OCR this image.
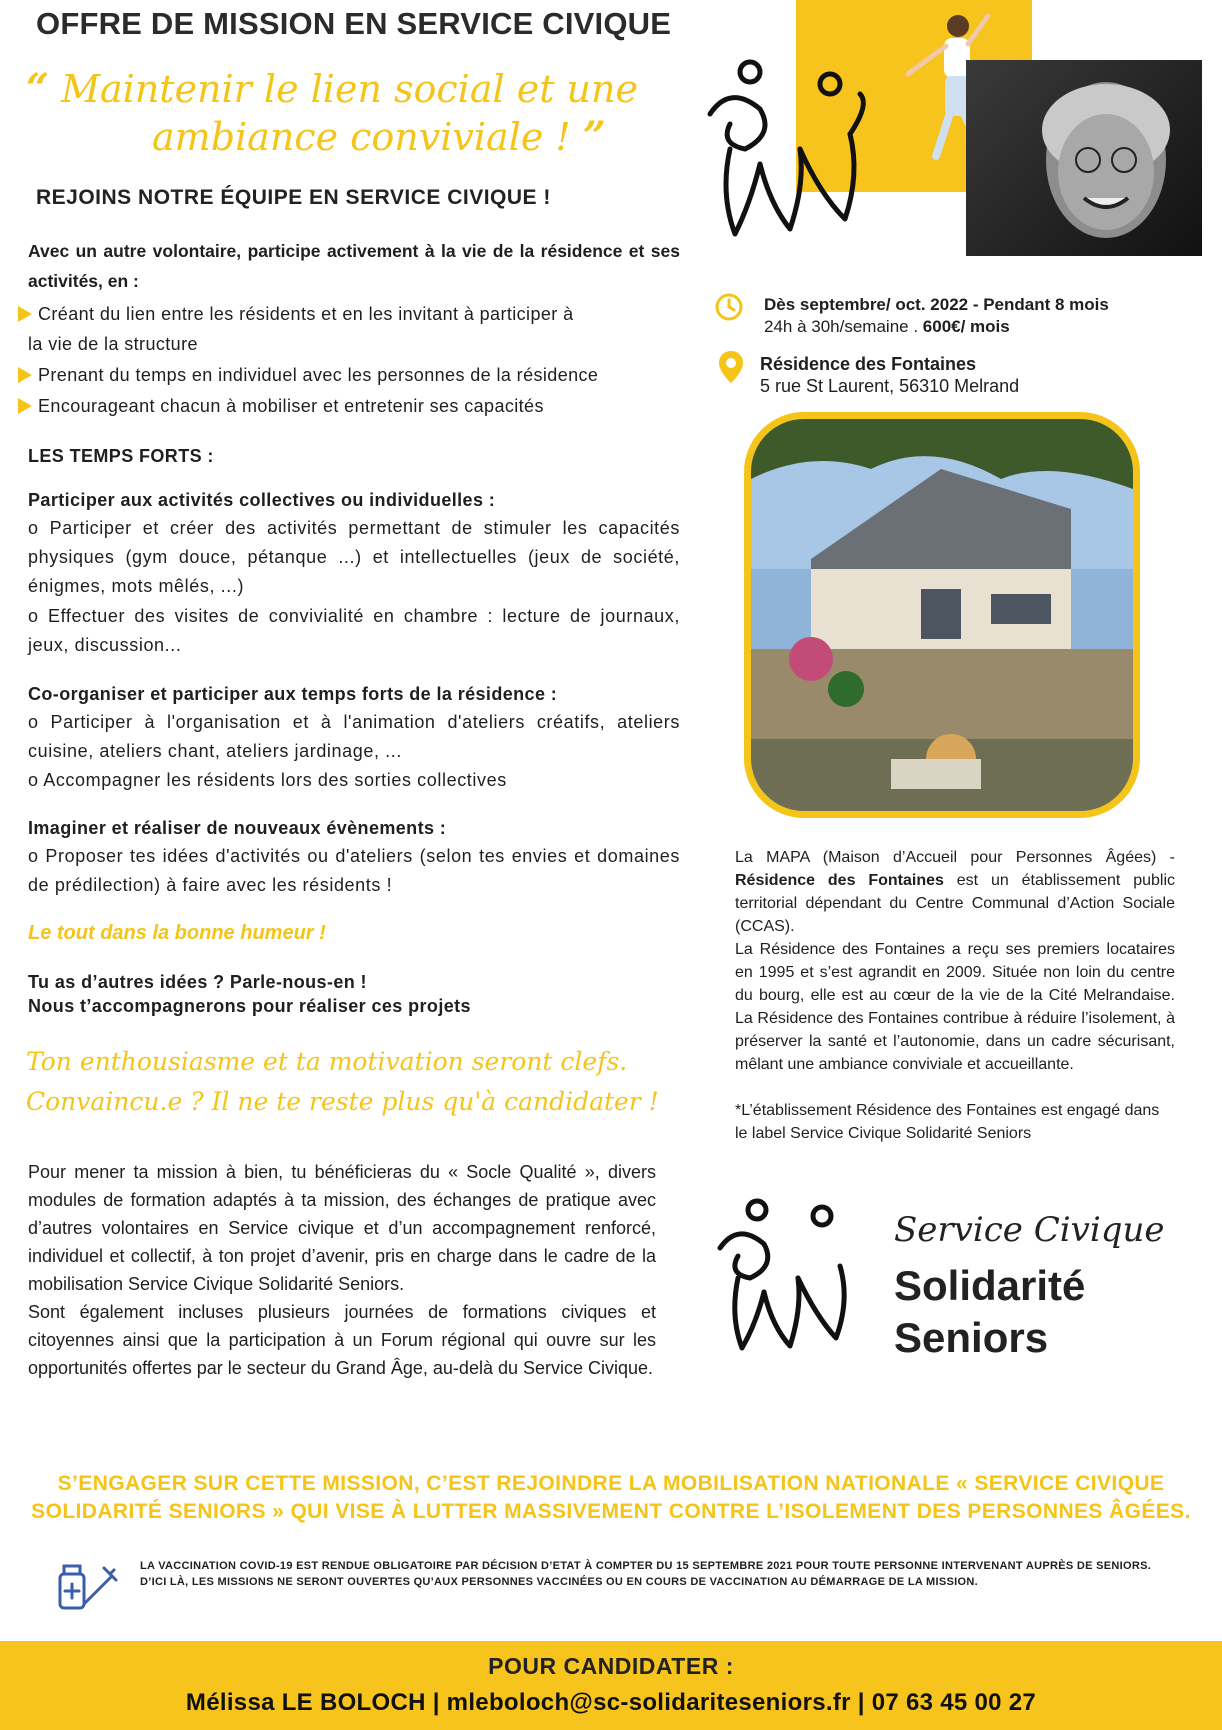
OFFRE DE MISSION EN SERVICE CIVIQUE
“ Maintenir le lien social et une
ambiance conviviale ! ”
REJOINS NOTRE ÉQUIPE EN SERVICE CIVIQUE !
Avec un autre volontaire, participe activement à la vie de la résidence et ses activités, en :
Créant du lien entre les résidents et en les invitant à participer à
la vie de la structure
Prenant du temps en individuel avec les personnes de la résidence
Encourageant chacun à mobiliser et entretenir ses capacités
LES TEMPS FORTS :
Participer aux activités collectives ou individuelles :
o Participer et créer des activités permettant de stimuler les capacités physiques (gym douce, pétanque ...) et intellectuelles (jeux de société, énigmes, mots mêlés, ...)
o Effectuer des visites de convivialité en chambre : lecture de journaux, jeux, discussion...
Co-organiser et participer aux temps forts de la résidence :
o Participer à l'organisation et à l'animation d'ateliers créatifs, ateliers cuisine, ateliers chant, ateliers jardinage, ...
o Accompagner les résidents lors des sorties collectives
Imaginer et réaliser de nouveaux évènements :
o Proposer tes idées d'activités ou d'ateliers (selon tes envies et domaines de prédilection) à faire avec les résidents !
Le tout dans la bonne humeur !
Tu as d’autres idées ? Parle-nous-en !
Nous t’accompagnerons pour réaliser ces projets
Ton enthousiasme et ta motivation seront clefs.
Convaincu.e ? Il ne te reste plus qu'à candidater !
Pour mener ta mission à bien, tu bénéficieras du « Socle Qualité », divers modules de formation adaptés à ta mission, des échanges de pratique avec d’autres volontaires en Service civique et d’un accompagnement renforcé, individuel et collectif, à ton projet d’avenir, pris en charge dans le cadre de la mobilisation Service Civique Solidarité Seniors.
Sont également incluses plusieurs journées de formations civiques et citoyennes ainsi que la participation à un Forum régional qui ouvre sur les opportunités offertes par le secteur du Grand Âge, au-delà du Service Civique.
Dès septembre/ oct. 2022 - Pendant 8 mois
24h à 30h/semaine . 600€/ mois
Résidence des Fontaines
5 rue St Laurent, 56310 Melrand
La MAPA (Maison d’Accueil pour Personnes Âgées) - Résidence des Fontaines est un établissement public territorial dépendant du Centre Communal d’Action Sociale (CCAS).
La Résidence des Fontaines a reçu ses premiers locataires en 1995 et s’est agrandit en 2009. Située non loin du centre du bourg, elle est au cœur de la vie de la Cité Melrandaise. La Résidence des Fontaines contribue à réduire l’isolement, à préserver la santé et l’autonomie, dans un cadre sécurisant, mêlant une ambiance conviviale et accueillante.
*L’établissement Résidence des Fontaines est engagé dans le label Service Civique Solidarité Seniors
Service Civique
Solidarité
Seniors
S’ENGAGER SUR CETTE MISSION, C’EST REJOINDRE LA MOBILISATION NATIONALE « SERVICE CIVIQUE SOLIDARITÉ SENIORS » QUI VISE À LUTTER MASSIVEMENT CONTRE L’ISOLEMENT DES PERSONNES ÂGÉES.
LA VACCINATION COVID-19 EST RENDUE OBLIGATOIRE PAR DÉCISION D’ETAT À COMPTER DU 15 SEPTEMBRE 2021 POUR TOUTE PERSONNE INTERVENANT AUPRÈS DE SENIORS.
D’ICI LÀ, LES MISSIONS NE SERONT OUVERTES QU’AUX PERSONNES VACCINÉES OU EN COURS DE VACCINATION AU DÉMARRAGE DE LA MISSION.
POUR CANDIDATER :
Mélissa LE BOLOCH | mleboloch@sc-solidariteseniors.fr | 07 63 45 00 27
